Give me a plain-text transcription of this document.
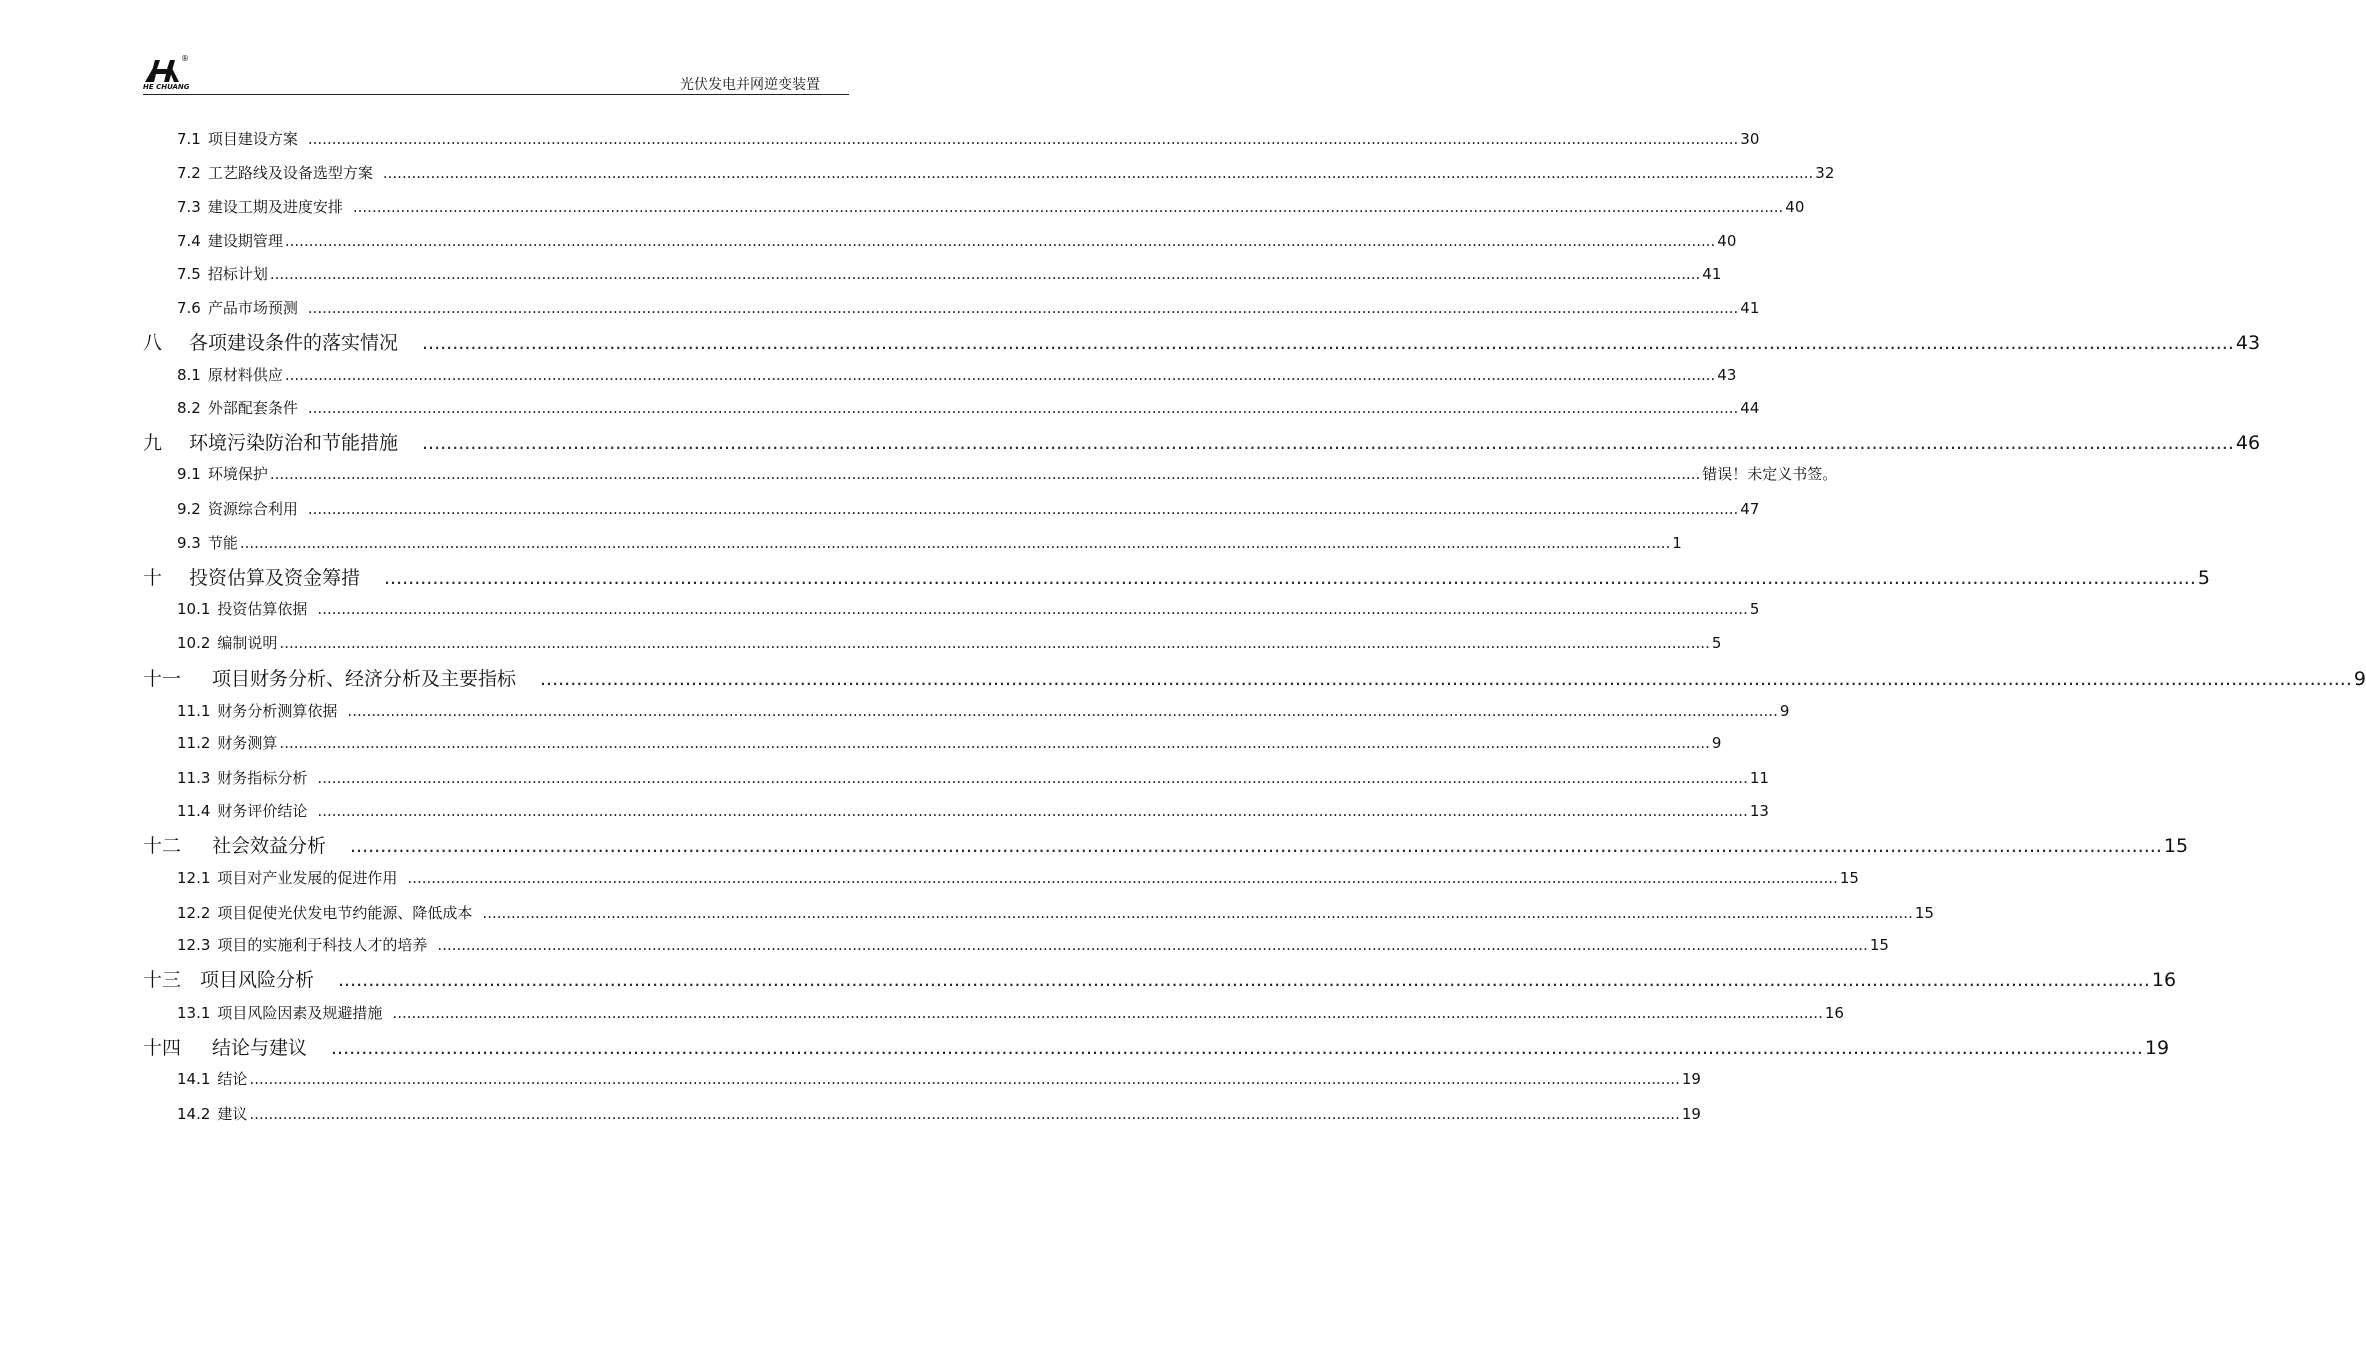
®
HE CHUANG	光伏发电并网逆变装置
7.1 项目建设方案 ............................................................................................................................................................................................................................................................................................................ 30
7.2 工艺路线及设备选型方案 ............................................................................................................................................................................................................................................................................................................ 32
7.3 建设工期及进度安排 ............................................................................................................................................................................................................................................................................................................ 40
7.4 建设期管理 ............................................................................................................................................................................................................................................................................................................ 40
7.5 招标计划 ............................................................................................................................................................................................................................................................................................................ 41
7.6 产品市场预测 ............................................................................................................................................................................................................................................................................................................ 41
八 各项建设条件的落实情况 ............................................................................................................................................................................................................................................................................................................ 43
8.1 原材料供应 ............................................................................................................................................................................................................................................................................................................ 43
8.2 外部配套条件 ............................................................................................................................................................................................................................................................................................................ 44
九 环境污染防治和节能措施 ............................................................................................................................................................................................................................................................................................................ 46
9.1 环境保护 ............................................................................................................................................................................................................................................................................................................ 错误！未定义书签。
9.2 资源综合利用 ............................................................................................................................................................................................................................................................................................................ 47
9.3 节能 ............................................................................................................................................................................................................................................................................................................ 1
十 投资估算及资金筹措 ............................................................................................................................................................................................................................................................................................................ 5
10.1 投资估算依据 ............................................................................................................................................................................................................................................................................................................ 5
10.2 编制说明 ............................................................................................................................................................................................................................................................................................................ 5
十一 项目财务分析、经济分析及主要指标 ............................................................................................................................................................................................................................................................................................................ 9
11.1 财务分析测算依据 ............................................................................................................................................................................................................................................................................................................ 9
11.2 财务测算 ............................................................................................................................................................................................................................................................................................................ 9
11.3 财务指标分析 ............................................................................................................................................................................................................................................................................................................ 11
11.4 财务评价结论 ............................................................................................................................................................................................................................................................................................................ 13
十二 社会效益分析 ............................................................................................................................................................................................................................................................................................................ 15
12.1 项目对产业发展的促进作用 ............................................................................................................................................................................................................................................................................................................ 15
12.2 项目促使光伏发电节约能源、降低成本 ............................................................................................................................................................................................................................................................................................................ 15
12.3 项目的实施利于科技人才的培养 ............................................................................................................................................................................................................................................................................................................ 15
十三 项目风险分析 ............................................................................................................................................................................................................................................................................................................ 16
13.1 项目风险因素及规避措施 ............................................................................................................................................................................................................................................................................................................ 16
十四 结论与建议 ............................................................................................................................................................................................................................................................................................................ 19
14.1 结论 ............................................................................................................................................................................................................................................................................................................ 19
14.2 建议 ............................................................................................................................................................................................................................................................................................................ 19
